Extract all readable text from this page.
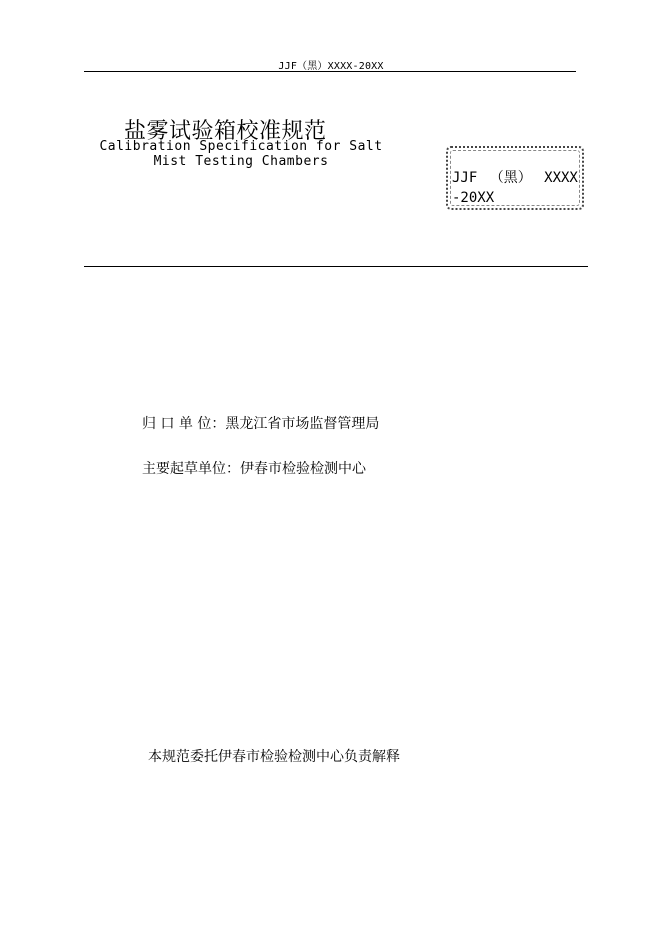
JJF（黑）XXXX-20XX
盐雾试验箱校准规范
Calibration Specification for Salt Mist Testing Chambers
JJF （黑） XXXX-20XX
归 口 单 位：黑龙江省市场监督管理局
主要起草单位：伊春市检验检测中心
本规范委托伊春市检验检测中心负责解释
